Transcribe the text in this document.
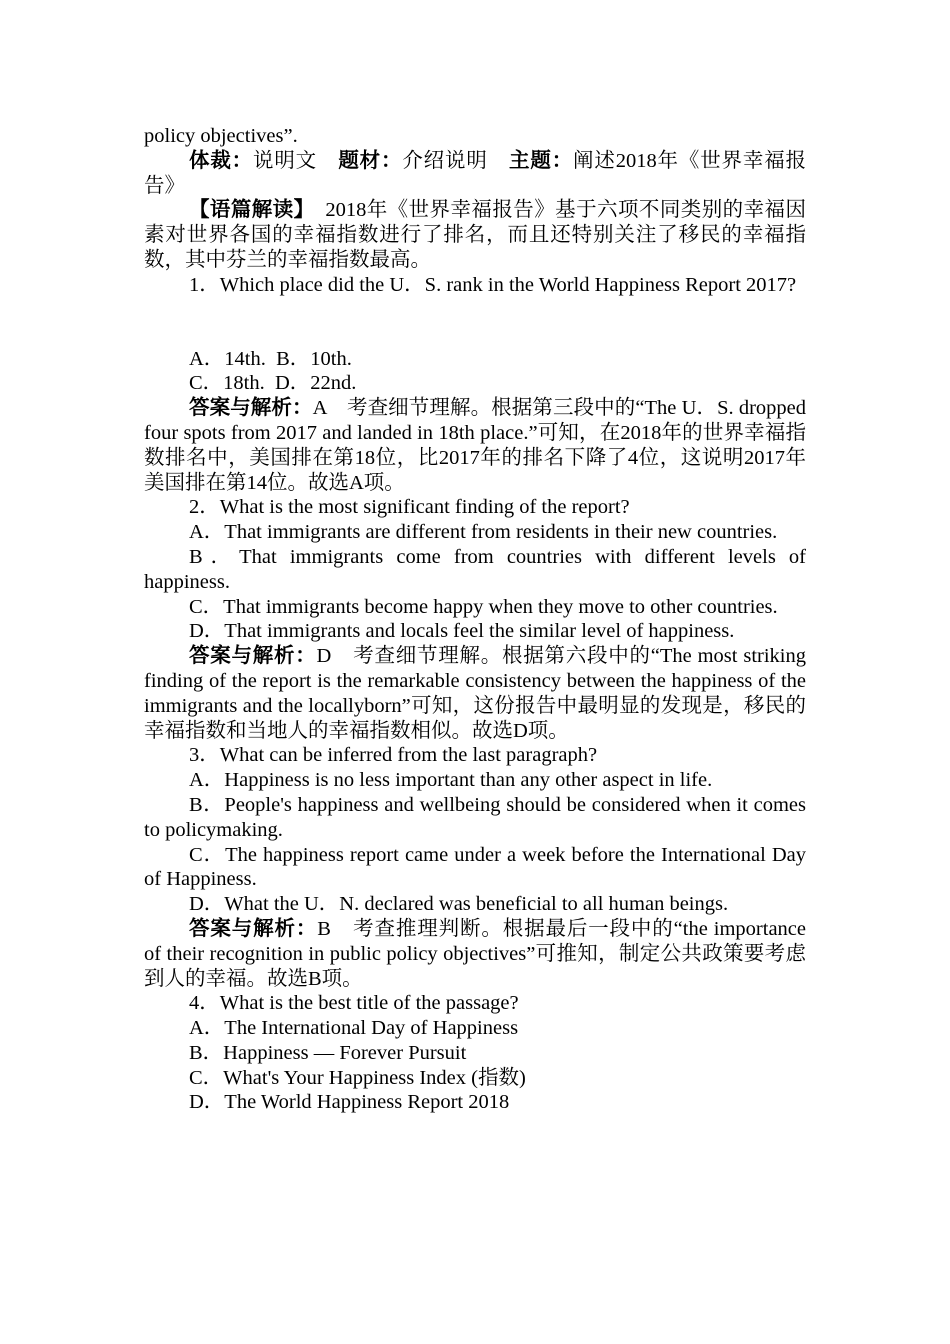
policy objectives”.

体裁：说明文　 题材：介绍说明　 主题：阐述2018年《世界幸福报告》

【语篇解读】　 2018年《世界幸福报告》基于六项不同类别的幸福因素对世界各国的幸福指数进行了排名，而且还特别关注了移民的幸福指数，其中芬兰的幸福指数最高。

1．Which place did the U．S. rank in the World Happiness Report 2017?

A．14th.  B．10th.

C．18th.  D．22nd.

答案与解析：A　考查细节理解。根据第三段中的“The U．S. dropped four spots from 2017 and landed in 18th place.”可知，在2018年的世界幸福指数排名中，美国排在第18位，比2017年的排名下降了4位，这说明2017年美国排在第14位。故选A项。

2．What is the most significant finding of the report?

A．That immigrants are different from residents in their new countries.

B．That immigrants come from countries with different levels of happiness.

C．That immigrants become happy when they move to other countries.

D．That immigrants and locals feel the similar level of happiness.

答案与解析：D　考查细节理解。根据第六段中的“The most striking finding of the report is the remarkable consistency between the happiness of the immigrants and the locallyborn”可知，这份报告中最明显的发现是，移民的幸福指数和当地人的幸福指数相似。故选D项。

3．What can be inferred from the last paragraph?

A．Happiness is no less important than any other aspect in life.

B．People's happiness and wellbeing should be considered when it comes to policymaking.

C．The happiness report came under a week before the International Day of Happiness.

D．What the U．N. declared was beneficial to all human beings.

答案与解析：B　考查推理判断。根据最后一段中的“the importance of their recognition in public policy objectives”可推知，制定公共政策要考虑到人的幸福。故选B项。

4．What is the best title of the passage?

A．The International Day of Happiness

B．Happiness — Forever Pursuit

C．What's Your Happiness Index (指数)

D．The World Happiness Report 2018
